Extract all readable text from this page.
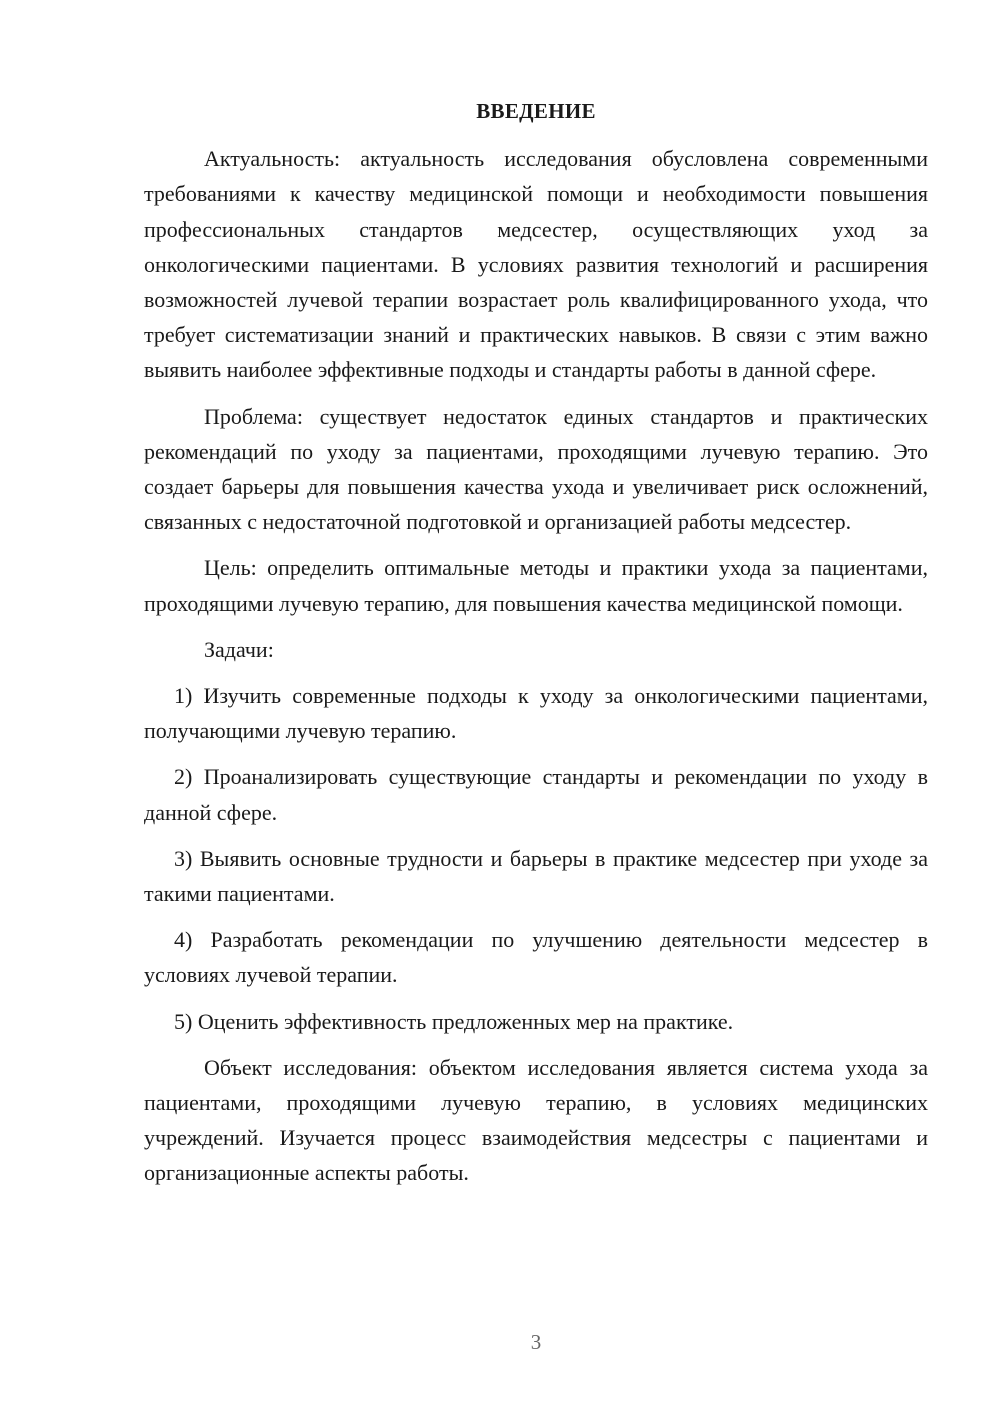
ВВЕДЕНИЕ

Актуальность: актуальность исследования обусловлена современными требованиями к качеству медицинской помощи и необходимости повышения профессиональных стандартов медсестер, осуществляющих уход за онкологическими пациентами. В условиях развития технологий и расширения возможностей лучевой терапии возрастает роль квалифицированного ухода, что требует систематизации знаний и практических навыков. В связи с этим важно выявить наиболее эффективные подходы и стандарты работы в данной сфере.

Проблема: существует недостаток единых стандартов и практических рекомендаций по уходу за пациентами, проходящими лучевую терапию. Это создает барьеры для повышения качества ухода и увеличивает риск осложнений, связанных с недостаточной подготовкой и организацией работы медсестер.

Цель: определить оптимальные методы и практики ухода за пациентами, проходящими лучевую терапию, для повышения качества медицинской помощи.

Задачи:

1) Изучить современные подходы к уходу за онкологическими пациентами, получающими лучевую терапию.

2) Проанализировать существующие стандарты и рекомендации по уходу в данной сфере.

3) Выявить основные трудности и барьеры в практике медсестер при уходе за такими пациентами.

4) Разработать рекомендации по улучшению деятельности медсестер в условиях лучевой терапии.

5) Оценить эффективность предложенных мер на практике.

Объект исследования: объектом исследования является система ухода за пациентами, проходящими лучевую терапию, в условиях медицинских учреждений. Изучается процесс взаимодействия медсестры с пациентами и организационные аспекты работы.

3
